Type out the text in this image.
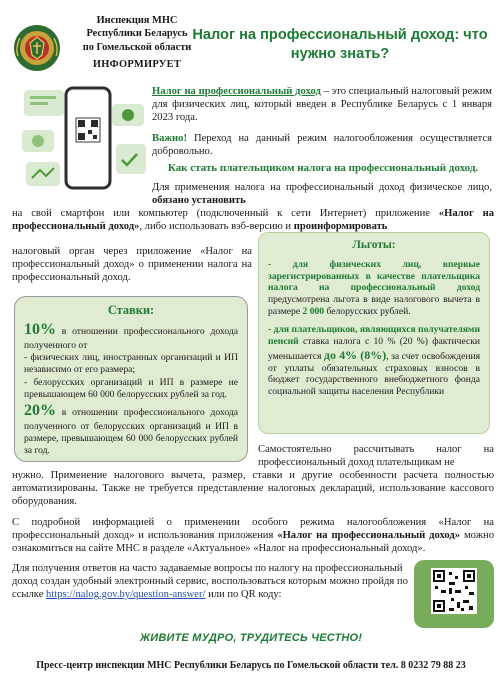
Инспекция МНС
Республики Беларусь
по Гомельской области
ИНФОРМИРУЕТ
Налог на профессиональный доход: что нужно знать?

Налог на профессиональный доход – это специальный налоговый режим для физических лиц, который введен в Республике Беларусь с 1 января 2023 года.

Важно! Переход на данный режим налогообложения осуществляется добровольно.

Как стать плательщиком налога на профессиональный доход.
Для применения налога на профессиональный доход физическое лицо, обязано установить
на свой смартфон или компьютер (подключенный к сети Интернет) приложение «Налог на профессиональный доход», либо использовать вэб-версию и проинформировать
налоговый орган через приложение «Налог на профессиональный доход» о применении налога на профессиональный доход.
Льготы:
- для физических лиц, впервые зарегистрированных в качестве плательщика налога на профессиональный доход предусмотрена льгота в виде налогового вычета в размере 2 000 белорусских рублей.
- для плательщиков, являющихся получателями пенсий ставка налога с 10 % (20 %) фактически уменьшается до 4% (8%), за счет освобождения от уплаты обязательных страховых взносов в бюджет государственного внебюджетного фонда социальной защиты населения Республики
Ставки:
10% в отношении профессионального дохода полученного от
- физических лиц, иностранных организаций и ИП независимо от его размера;
- белорусских организаций и ИП в размере не превышающем 60 000 белорусских рублей за год.
20% в отношении профессионального дохода полученного от белорусских организаций и ИП в размере, превышающем 60 000 белорусских рублей за год.	Самостоятельно рассчитывать налог на профессиональный доход плательщикам не
нужно. Применение налогового вычета, размер, ставки и другие особенности расчета полностью автоматизированы. Также не требуется представление налоговых деклараций, использование кассового оборудования.
С подробной информацией о применении особого режима налогообложения «Налог на профессиональный доход» и использования приложения «Налог на профессиональный доход» можно ознакомиться на сайте МНС в разделе «Актуальное» «Налог на профессиональный доход».
Для получения ответов на часто задаваемые вопросы по налогу на профессиональный доход создан удобный электронный сервис, воспользоваться которым можно пройдя по ссылке https://nalog.gov.by/question-answer/ или по QR коду:
ЖИВИТЕ МУДРО, ТРУДИТЕСЬ ЧЕСТНО!
Пресс-центр инспекции МНС Республики Беларусь по Гомельской области тел. 8 0232 79 88 23
